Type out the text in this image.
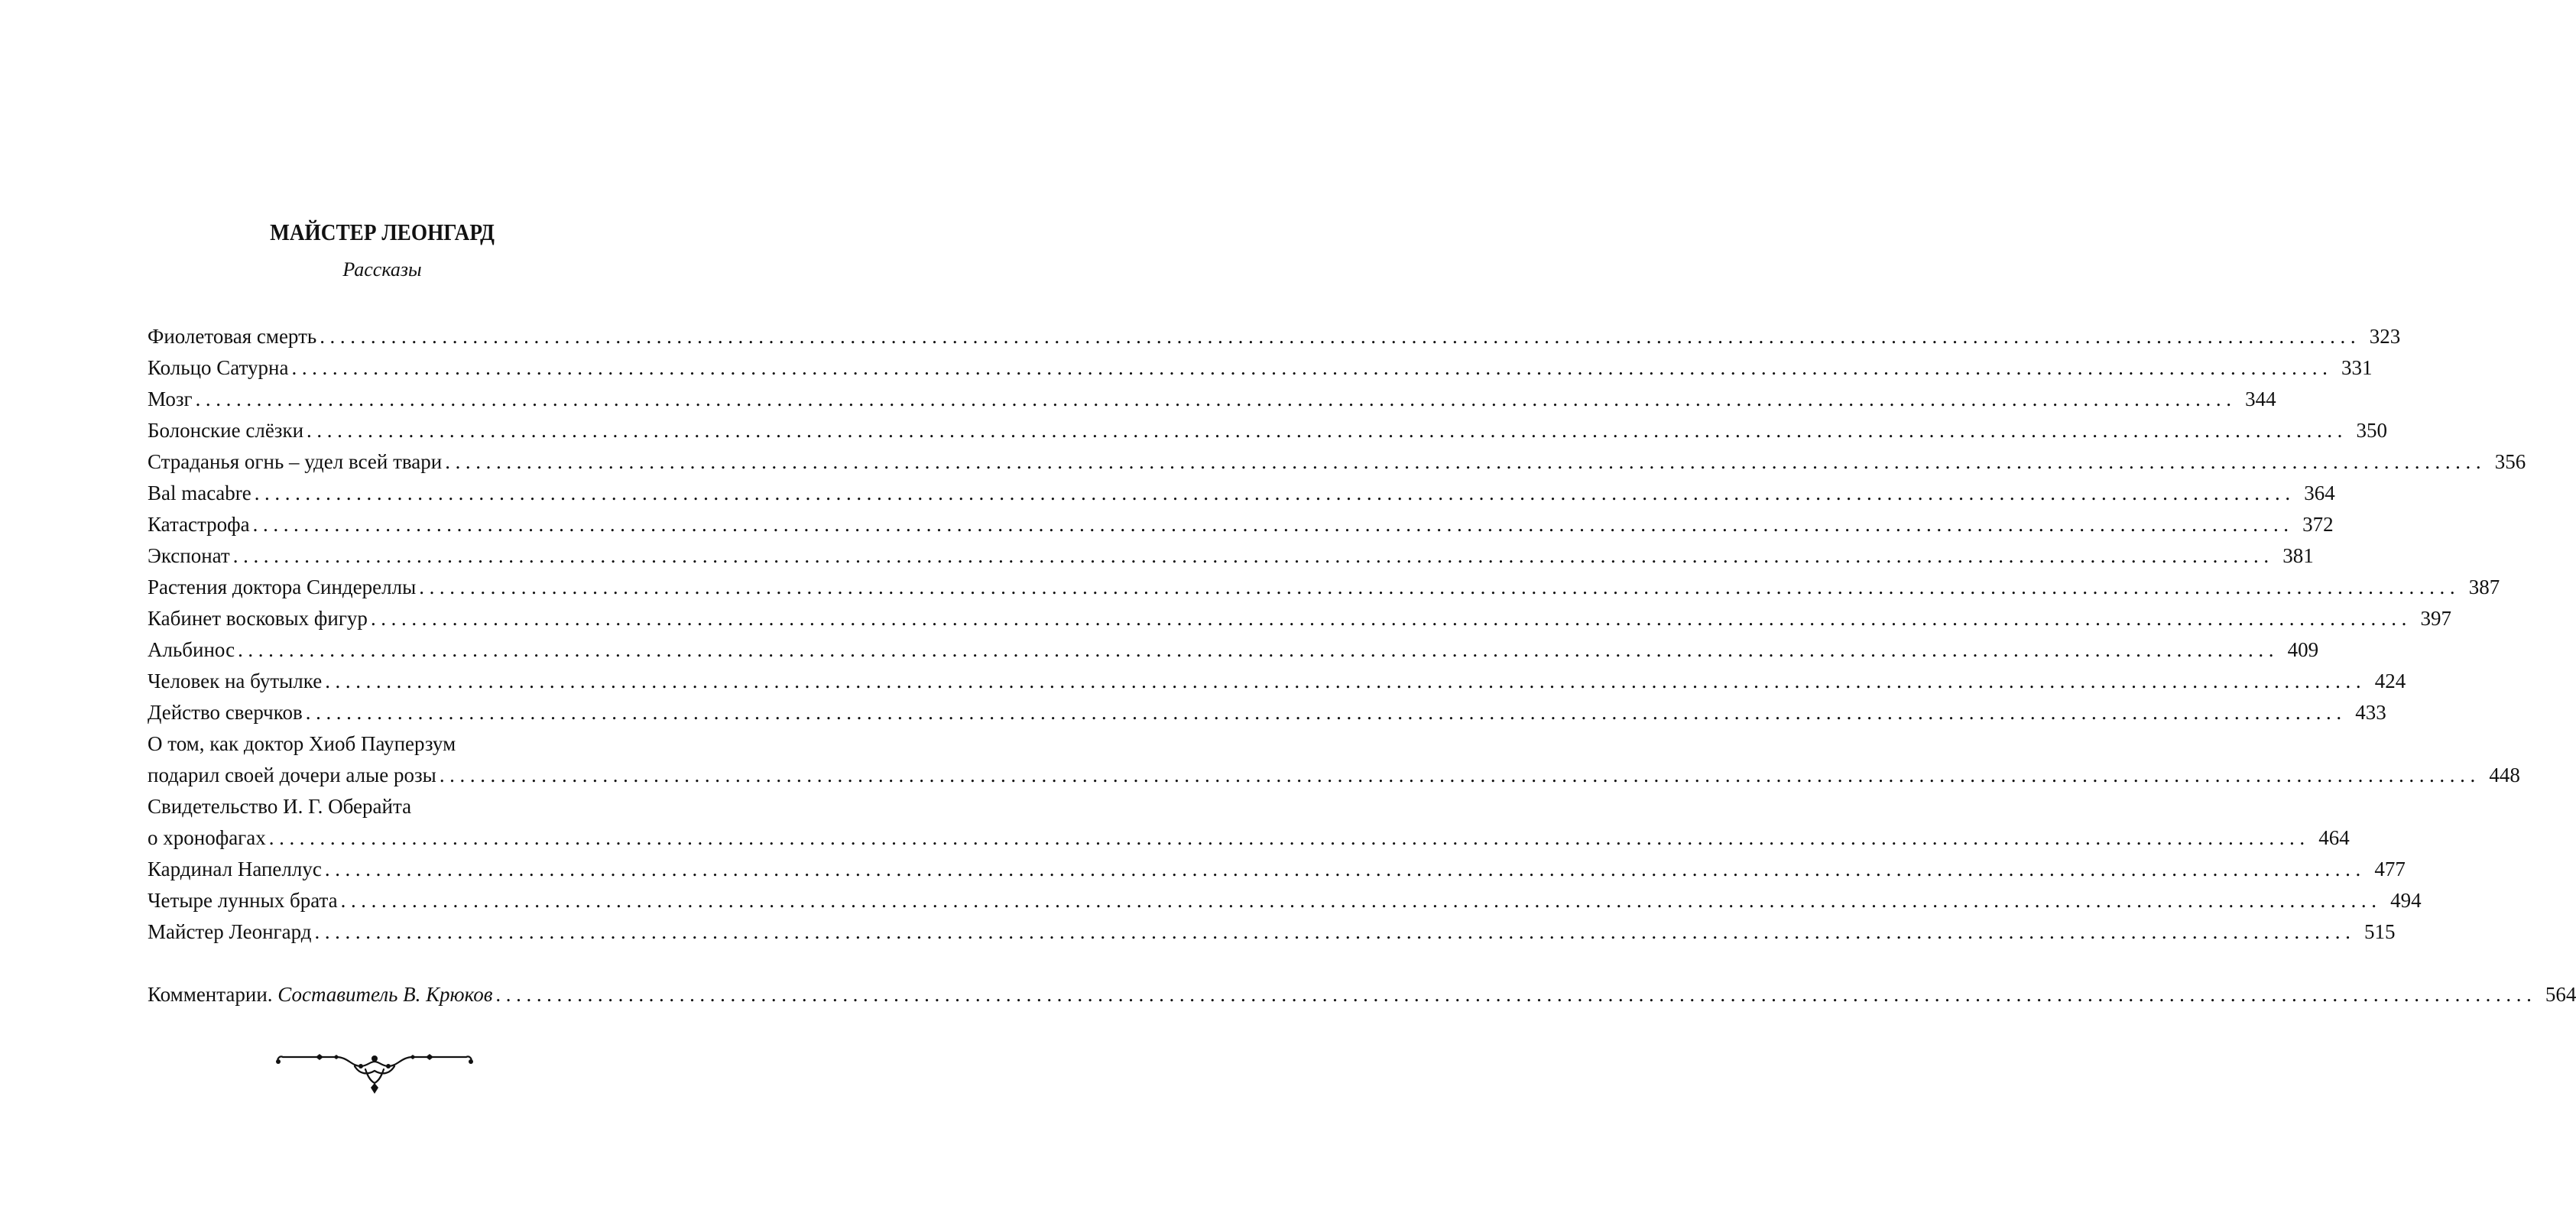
МАЙСТЕР ЛЕОНГАРД
Рассказы
Фиолетовая смерть ........................................................................................................................................................................................................ 323
Кольцо Сатурна ........................................................................................................................................................................................................ 331
Мозг ........................................................................................................................................................................................................ 344
Болонские слёзки ........................................................................................................................................................................................................ 350
Страданья огнь – удел всей твари ........................................................................................................................................................................................................ 356
Bal macabre ........................................................................................................................................................................................................ 364
Катастрофа ........................................................................................................................................................................................................ 372
Экспонат ........................................................................................................................................................................................................ 381
Растения доктора Синдереллы ........................................................................................................................................................................................................ 387
Кабинет восковых фигур ........................................................................................................................................................................................................ 397
Альбинос ........................................................................................................................................................................................................ 409
Человек на бутылке ........................................................................................................................................................................................................ 424
Действо сверчков ........................................................................................................................................................................................................ 433
О том, как доктор Хиоб Пауперзум
подарил своей дочери алые розы ........................................................................................................................................................................................................ 448
Свидетельство И. Г. Оберайта
о хронофагах ........................................................................................................................................................................................................ 464
Кардинал Напеллус ........................................................................................................................................................................................................ 477
Четыре лунных брата ........................................................................................................................................................................................................ 494
Майстер Леонгард ........................................................................................................................................................................................................ 515
Комментарии. Составитель В. Крюков ........................................................................................................................................................................................................ 564
